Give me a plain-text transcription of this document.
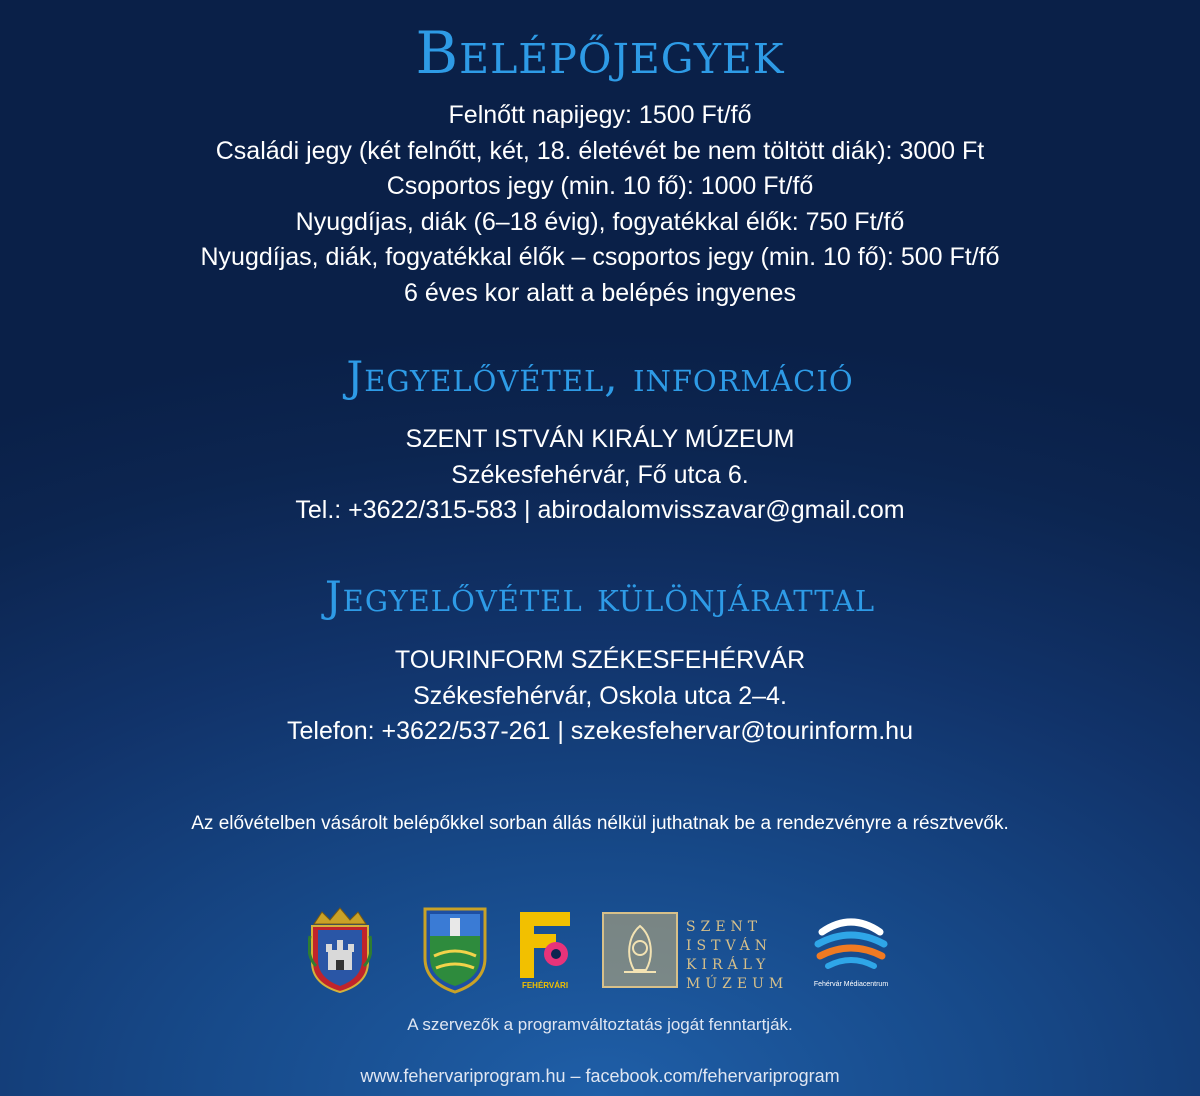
Belépőjegyek
Felnőtt napijegy: 1500 Ft/fő
Családi jegy (két felnőtt, két, 18. életévét be nem töltött diák): 3000 Ft
Csoportos jegy (min. 10 fő): 1000 Ft/fő
Nyugdíjas, diák (6–18 évig), fogyatékkal élők: 750 Ft/fő
Nyugdíjas, diák, fogyatékkal élők – csoportos jegy (min. 10 fő): 500 Ft/fő
6 éves kor alatt a belépés ingyenes
Jegyelővétel, információ
SZENT ISTVÁN KIRÁLY MÚZEUM
Székesfehérvár, Fő utca 6.
Tel.: +3622/315-583 | abirodalomvisszavar@gmail.com
Jegyelővétel különjárattal
TOURINFORM SZÉKESFEHÉRVÁR
Székesfehérvár, Oskola utca 2–4.
Telefon: +3622/537-261 | szekesfehervar@tourinform.hu
Az elővételben vásárolt belépőkkel sorban állás nélkül juthatnak be a rendezvényre a résztvevők.
FEHÉRVÁRI
SZENT
ISTVÁN
KIRÁLY
MÚZEUM	Fehérvár Médiacentrum
A szervezők a programváltoztatás jogát fenntartják.
www.fehervariprogram.hu – facebook.com/fehervariprogram
